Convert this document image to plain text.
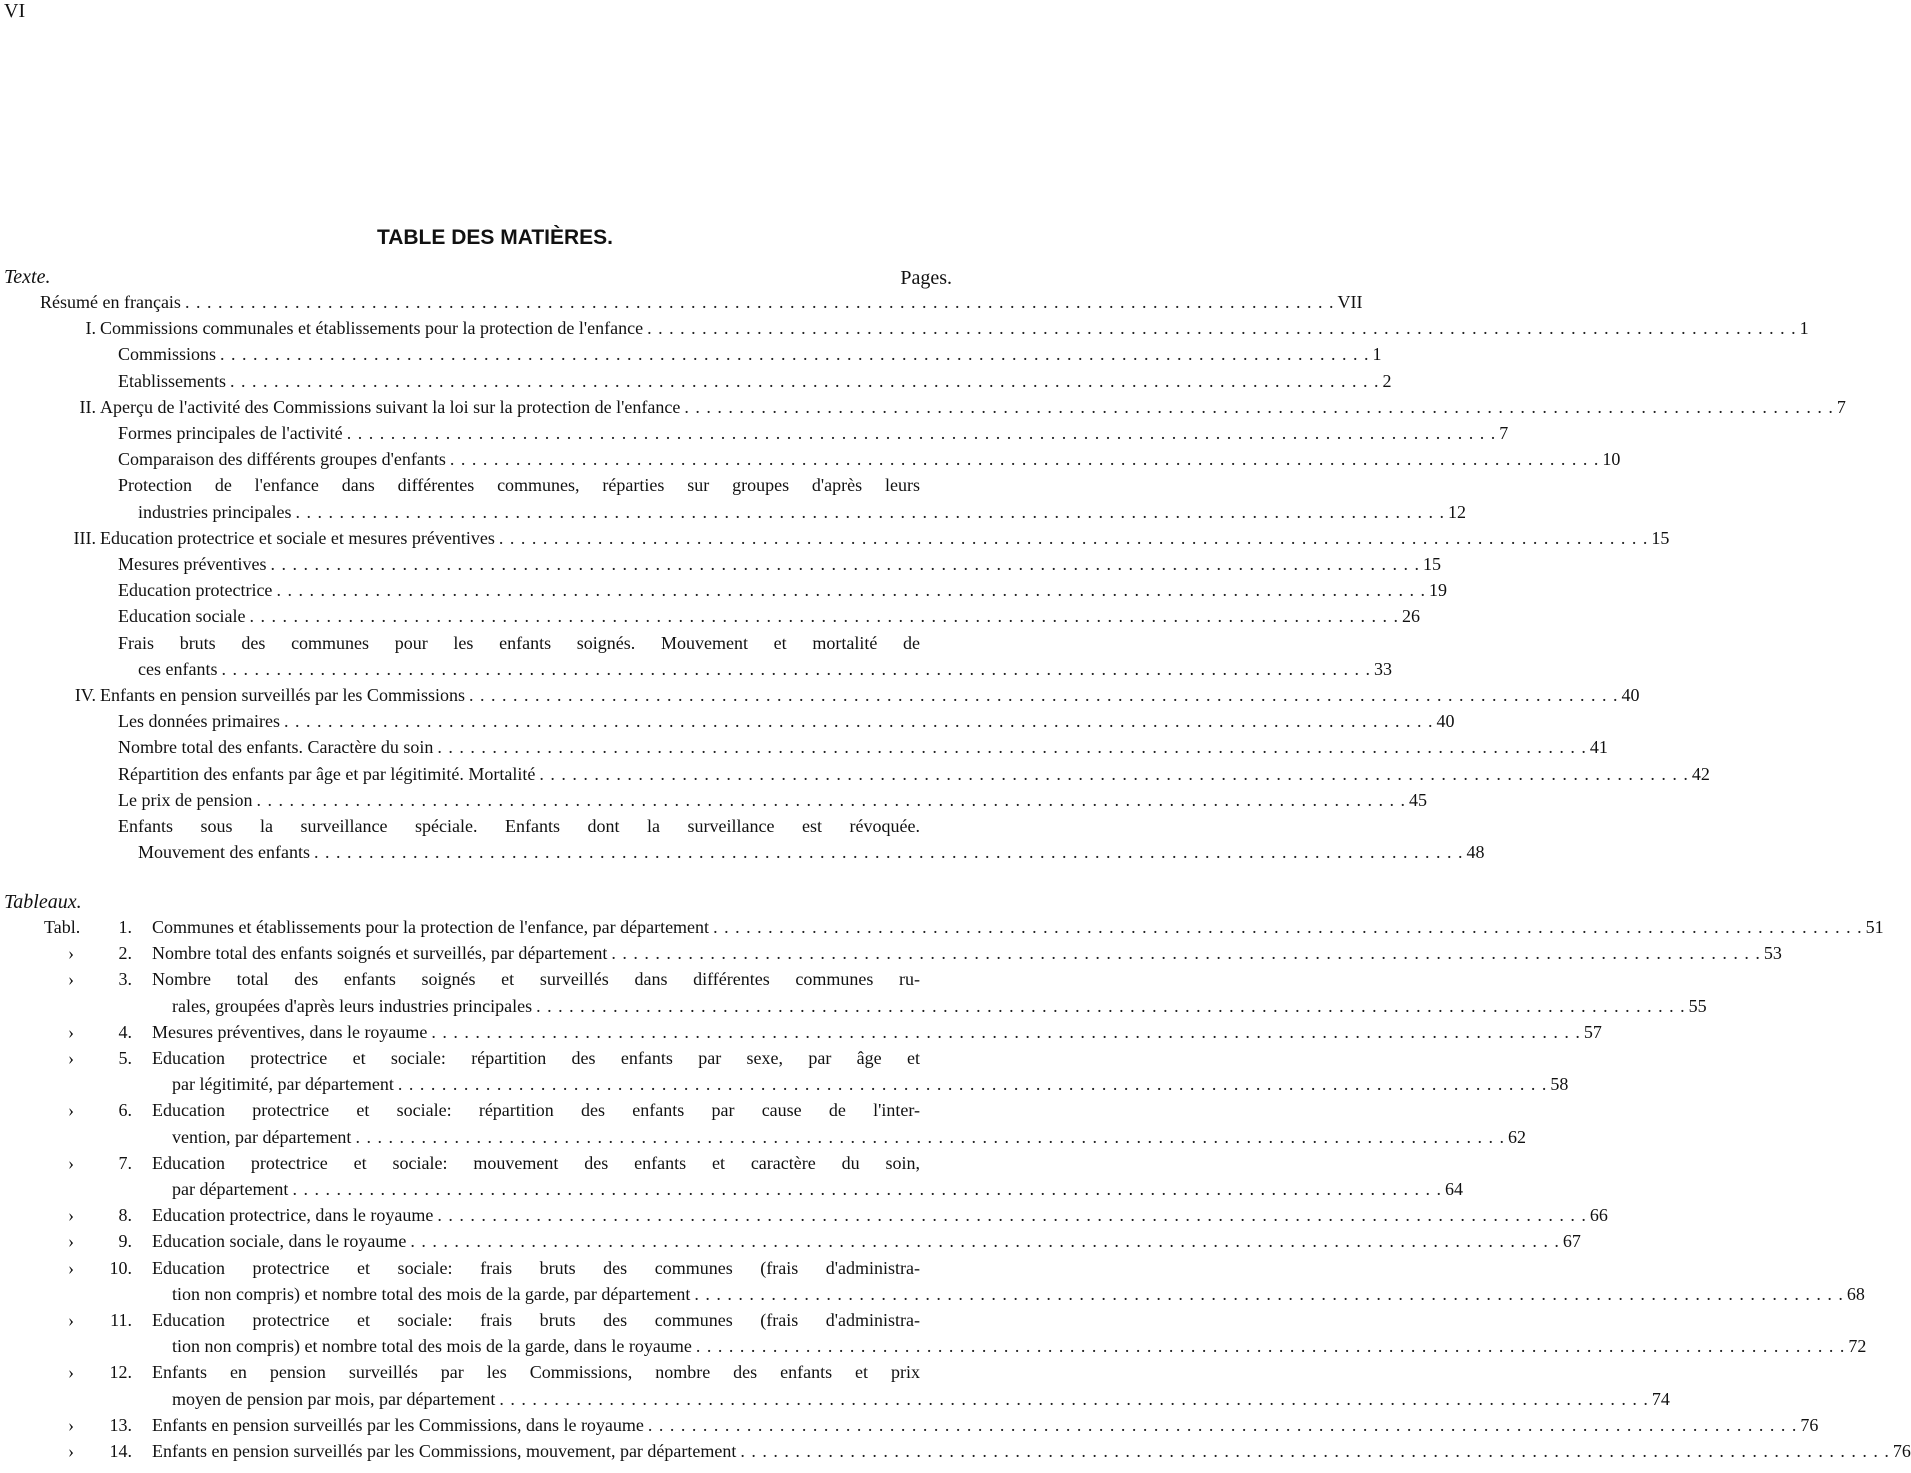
VI
TABLE DES MATIÈRES.
Texte.	Pages.
Résumé en français . . .	VII
I. Commissions communales et établissements pour la protection de l'enfance . . .	1
Commissions . . .	1
Etablissements . . .	2
II. Aperçu de l'activité des Commissions suivant la loi sur la protection de l'enfance . . .	7
Formes principales de l'activité . . .	7
Comparaison des différents groupes d'enfants . . .	10
Protection de l'enfance dans différentes communes, réparties sur groupes d'après leurs
industries principales . . .	12
III. Education protectrice et sociale et mesures préventives . . .	15
Mesures préventives . . .	15
Education protectrice . . .	19
Education sociale . . .	26
Frais bruts des communes pour les enfants soignés. Mouvement et mortalité de
ces enfants . . .	33
IV. Enfants en pension surveillés par les Commissions . . .	40
Les données primaires . . .	40
Nombre total des enfants. Caractère du soin . . .	41
Répartition des enfants par âge et par légitimité. Mortalité . . .	42
Le prix de pension . . .	45
Enfants sous la surveillance spéciale. Enfants dont la surveillance est révoquée.
Mouvement des enfants . . .	48
Tableaux.
Tabl.	1. Communes et établissements pour la protection de l'enfance, par département . . .	51
›	2. Nombre total des enfants soignés et surveillés, par département . . .	53
›	3. Nombre total des enfants soignés et surveillés dans différentes communes ru-
rales, groupées d'après leurs industries principales . . .	55
›	4. Mesures préventives, dans le royaume . . .	57
›	5. Education protectrice et sociale: répartition des enfants par sexe, par âge et
par légitimité, par département . . .	58
›	6. Education protectrice et sociale: répartition des enfants par cause de l'inter-
vention, par département . . .	62
›	7. Education protectrice et sociale: mouvement des enfants et caractère du soin,
par département . . .	64
›	8. Education protectrice, dans le royaume . . .	66
›	9. Education sociale, dans le royaume . . .	67
›	10. Education protectrice et sociale: frais bruts des communes (frais d'administra-
tion non compris) et nombre total des mois de la garde, par département . . .	68
›	11. Education protectrice et sociale: frais bruts des communes (frais d'administra-
tion non compris) et nombre total des mois de la garde, dans le royaume . . .	72
›	12. Enfants en pension surveillés par les Commissions, nombre des enfants et prix
moyen de pension par mois, par département . . .	74
›	13. Enfants en pension surveillés par les Commissions, dans le royaume . . .	76
›	14. Enfants en pension surveillés par les Commissions, mouvement, par département . . .	76
